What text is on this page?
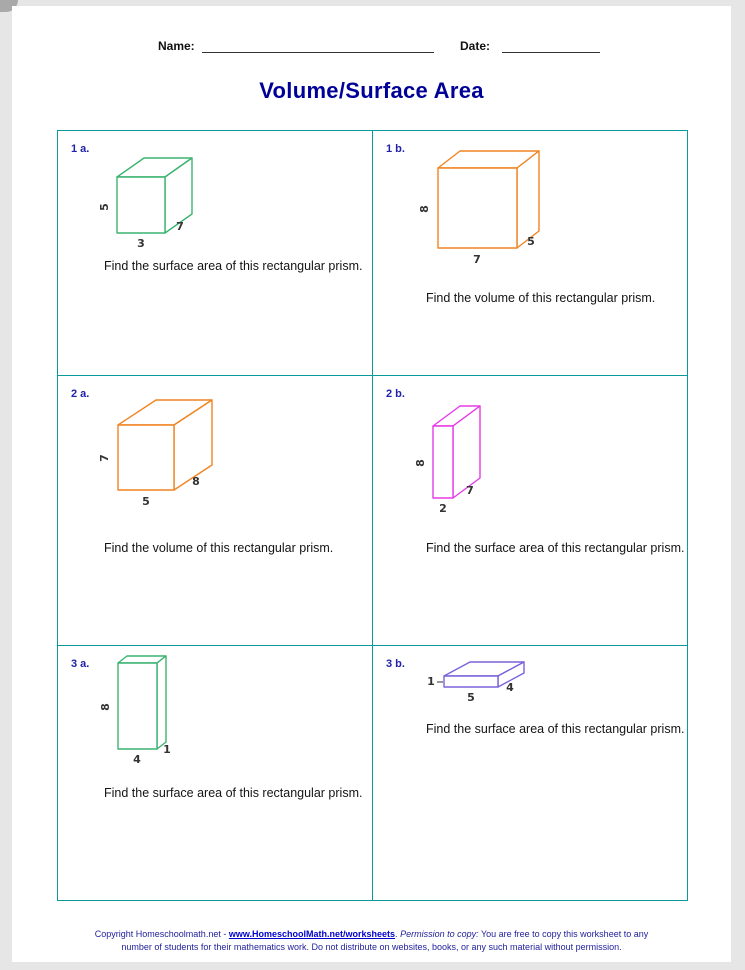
Name:	Date:
Volume/Surface Area
1 a.
5
3
7
Find the surface area of this rectangular prism.
1 b.
8
7
5
Find the volume of this rectangular prism.
2 a.
7
5
8
Find the volume of this rectangular prism.
2 b.
8
2
7
Find the surface area of this rectangular prism.
3 a.
8
4
1
Find the surface area of this rectangular prism.
3 b.
1
5
4
Find the surface area of this rectangular prism.
Copyright Homeschoolmath.net - www.HomeschoolMath.net/worksheets. Permission to copy: You are free to copy this worksheet to any
number of students for their mathematics work. Do not distribute on websites, books, or any such material without permission.
